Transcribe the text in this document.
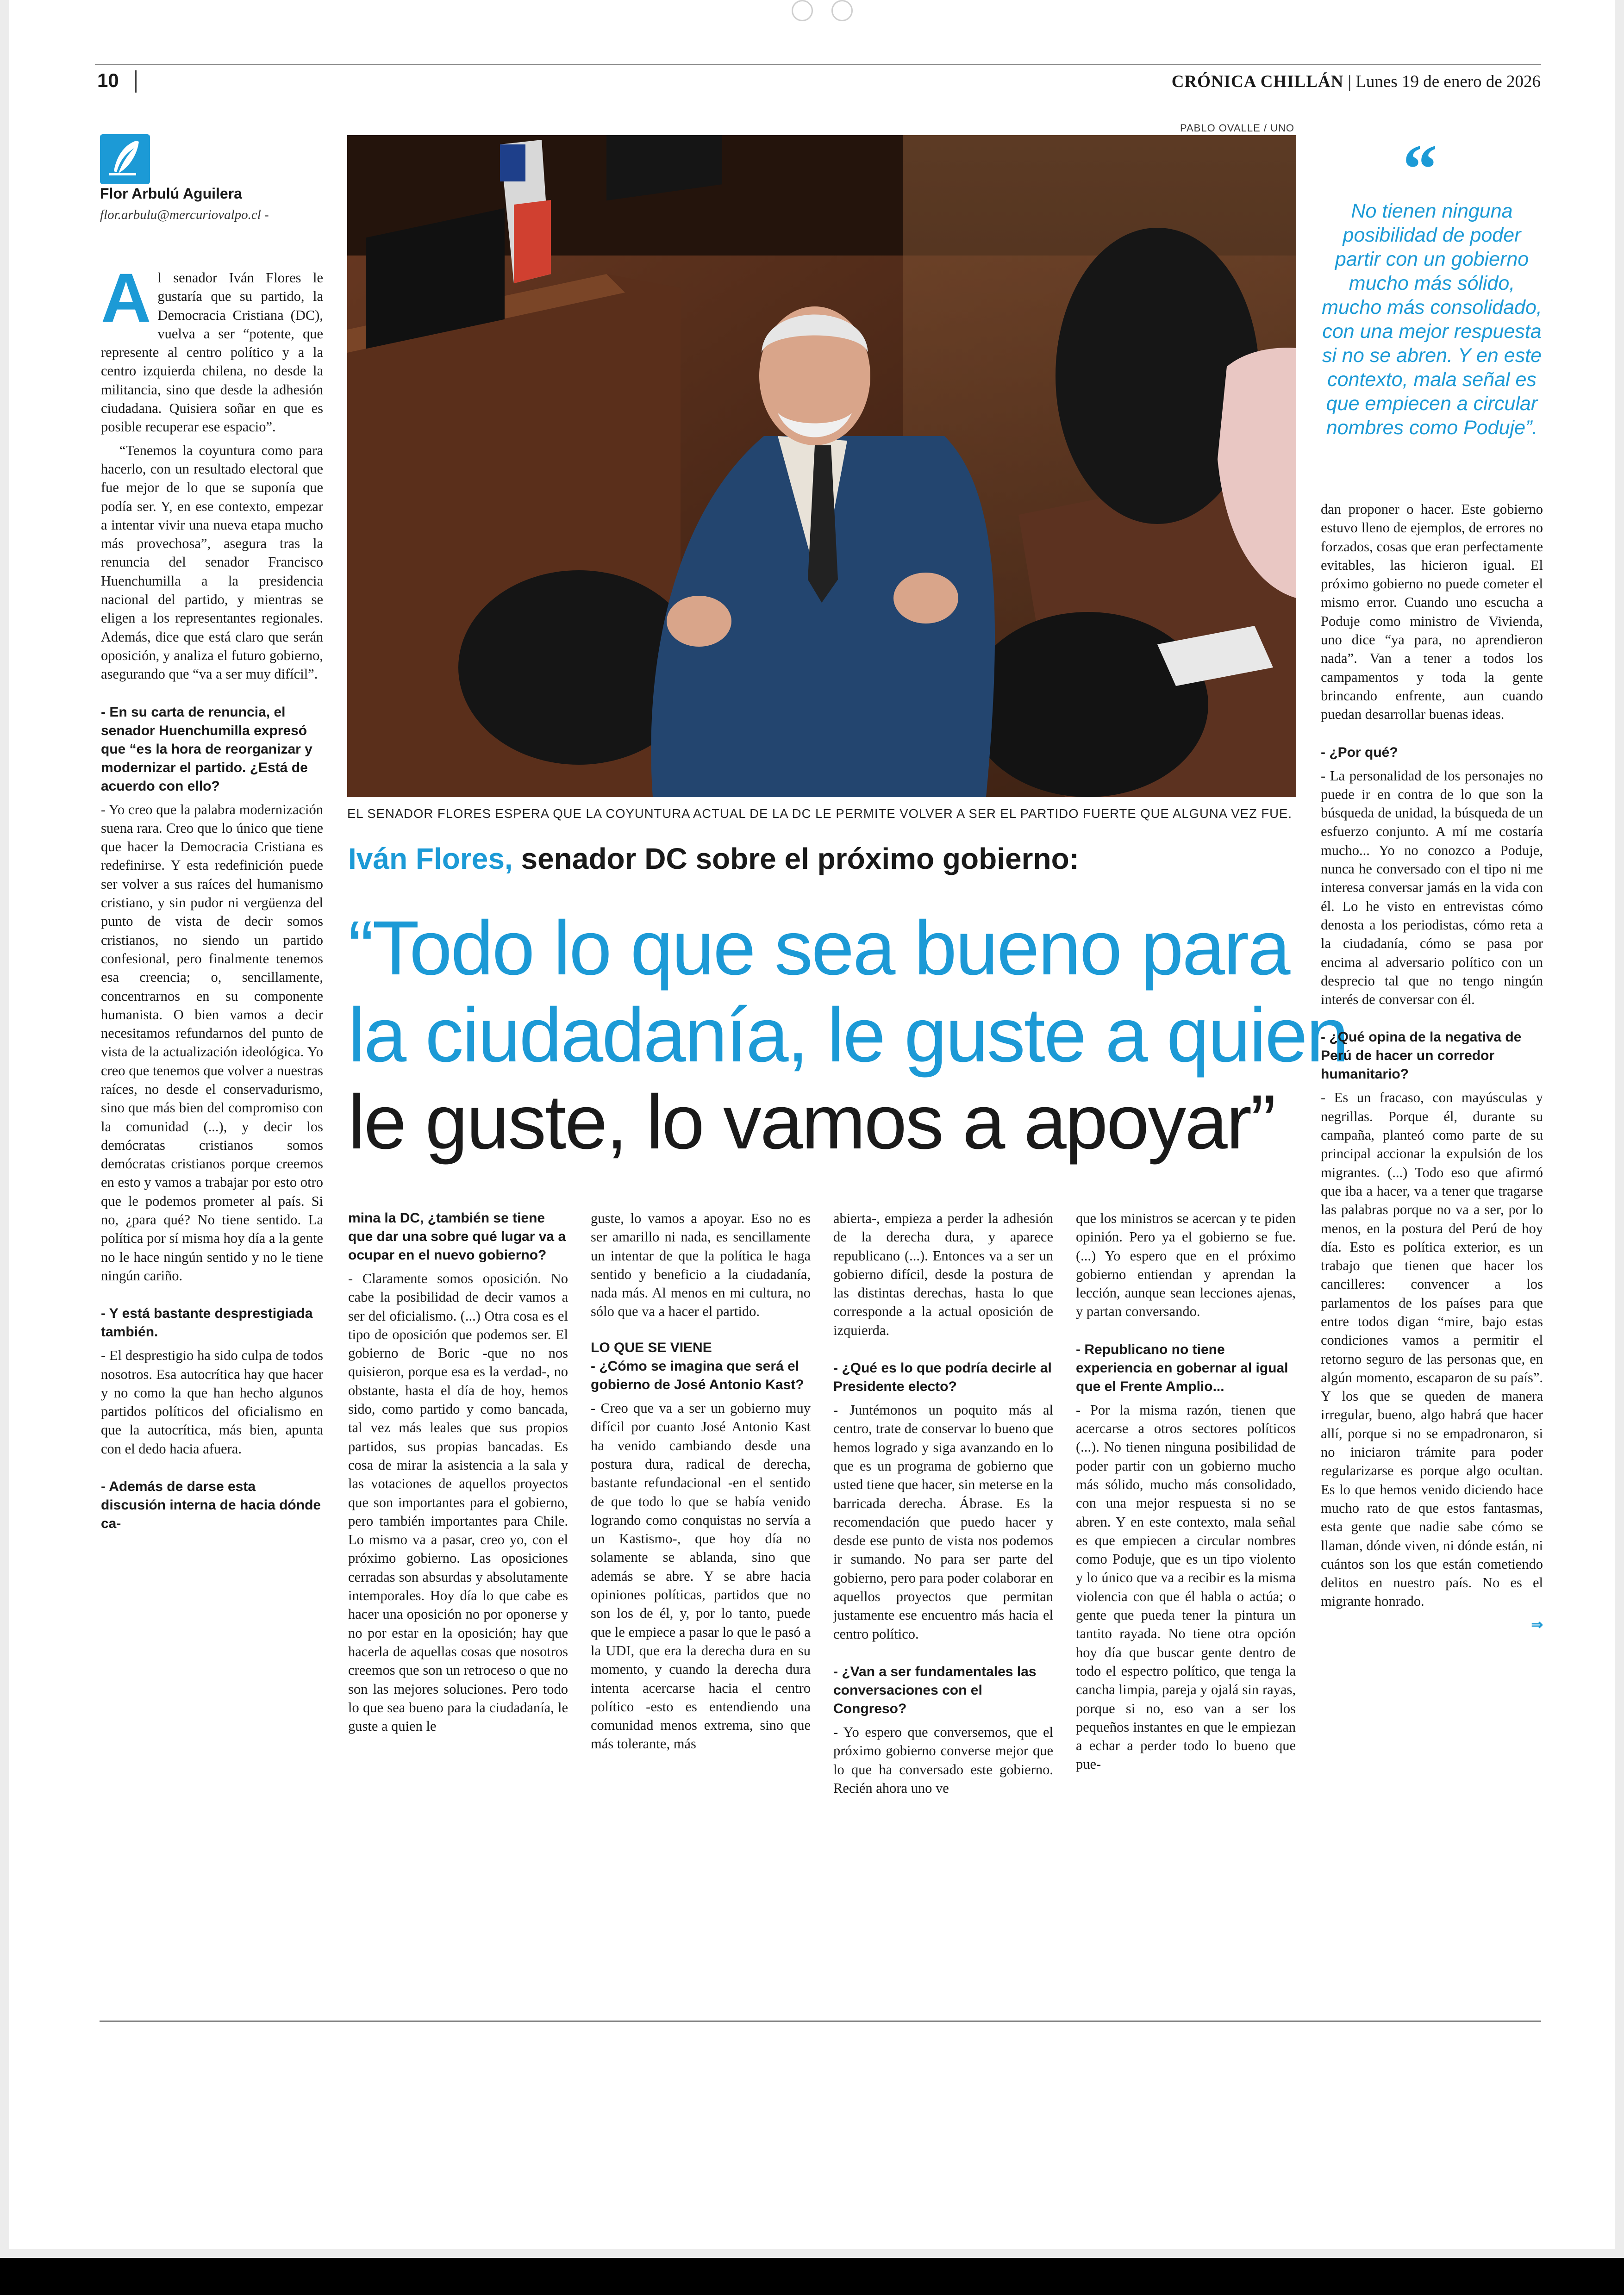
10	CRÓNICA CHILLÁN | Lunes 19 de enero de 2026
Flor Arbulú Aguilera
flor.arbulu@mercuriovalpo.cl -
PABLO OVALLE / UNO
EL SENADOR FLORES ESPERA QUE LA COYUNTURA ACTUAL DE LA DC LE PERMITE VOLVER A SER EL PARTIDO FUERTE QUE ALGUNA VEZ FUE.
Iván Flores, senador DC sobre el próximo gobierno:
“Todo lo que sea bueno para
la ciudadanía, le guste a quien
le guste, lo vamos a apoyar”
“
No tienen ninguna posibilidad de poder partir con un gobierno mucho más sólido, mucho más consolidado, con una mejor respuesta si no se abren. Y en este contexto, mala señal es que empiecen a circular nombres como Poduje”.

Al senador Iván Flores le gustaría que su partido, la Democracia Cristiana (DC), vuelva a ser “potente, que represente al centro político y a la centro izquierda chilena, no desde la militancia, sino que desde la adhesión ciudadana. Quisiera soñar en que es posible recuperar ese espacio”.

“Tenemos la coyuntura como para hacerlo, con un resultado electoral que fue mejor de lo que se suponía que podía ser. Y, en ese contexto, empezar a intentar vivir una nueva etapa mucho más provechosa”, asegura tras la renuncia del senador Francisco Huenchumilla a la presidencia nacional del partido, y mientras se eligen a los representantes regionales. Además, dice que está claro que serán oposición, y analiza el futuro gobierno, asegurando que “va a ser muy difícil”.

- En su carta de renuncia, el senador Huenchumilla expresó que “es la hora de reorganizar y modernizar el partido. ¿Está de acuerdo con ello?

- Yo creo que la palabra modernización suena rara. Creo que lo único que tiene que hacer la Democracia Cristiana es redefinirse. Y esta redefinición puede ser volver a sus raíces del humanismo cristiano, y sin pudor ni vergüenza del punto de vista de decir somos cristianos, no siendo un partido confesional, pero finalmente tenemos esa creencia; o, sencillamente, concentrarnos en su componente humanista. O bien vamos a decir necesitamos refundarnos del punto de vista de la actualización ideológica. Yo creo que tenemos que volver a nuestras raíces, no desde el conservadurismo, sino que más bien del compromiso con la comunidad (...), y decir los demócratas cristianos somos demócratas cristianos porque creemos en esto y vamos a trabajar por esto otro que le podemos prometer al país. Si no, ¿para qué? No tiene sentido. La política por sí misma hoy día a la gente no le hace ningún sentido y no le tiene ningún cariño.

- Y está bastante desprestigiada también.

- El desprestigio ha sido culpa de todos nosotros. Esa autocrítica hay que hacer y no como la que han hecho algunos partidos políticos del oficialismo en que la autocrítica, más bien, apunta con el dedo hacia afuera.

- Además de darse esta discusión interna de hacia dónde ca-

mina la DC, ¿también se tiene que dar una sobre qué lugar va a ocupar en el nuevo gobierno?

- Claramente somos oposición. No cabe la posibilidad de decir vamos a ser del oficialismo. (...) Otra cosa es el tipo de oposición que podemos ser. El gobierno de Boric -que no nos quisieron, porque esa es la verdad-, no obstante, hasta el día de hoy, hemos sido, como partido y como bancada, tal vez más leales que sus propios partidos, sus propias bancadas. Es cosa de mirar la asistencia a la sala y las votaciones de aquellos proyectos que son importantes para el gobierno, pero también importantes para Chile. Lo mismo va a pasar, creo yo, con el próximo gobierno. Las oposiciones cerradas son absurdas y absolutamente intemporales. Hoy día lo que cabe es hacer una oposición no por oponerse y no por estar en la oposición; hay que hacerla de aquellas cosas que nosotros creemos que son un retroceso o que no son las mejores soluciones. Pero todo lo que sea bueno para la ciudadanía, le guste a quien le

guste, lo vamos a apoyar. Eso no es ser amarillo ni nada, es sencillamente un intentar de que la política le haga sentido y beneficio a la ciudadanía, nada más. Al menos en mi cultura, no sólo que va a hacer el partido.

LO QUE SE VIENE

- ¿Cómo se imagina que será el gobierno de José Antonio Kast?

- Creo que va a ser un gobierno muy difícil por cuanto José Antonio Kast ha venido cambiando desde una postura dura, radical de derecha, bastante refundacional -en el sentido de que todo lo que se había venido logrando como conquistas no servía a un Kastismo-, que hoy día no solamente se ablanda, sino que además se abre. Y se abre hacia opiniones políticas, partidos que no son los de él, y, por lo tanto, puede que le empiece a pasar lo que le pasó a la UDI, que era la derecha dura en su momento, y cuando la derecha dura intenta acercarse hacia el centro político -esto es entendiendo una comunidad menos extrema, sino que más tolerante, más

abierta-, empieza a perder la adhesión de la derecha dura, y aparece republicano (...). Entonces va a ser un gobierno difícil, desde la postura de las distintas derechas, hasta lo que corresponde a la actual oposición de izquierda.

- ¿Qué es lo que podría decirle al Presidente electo?

- Juntémonos un poquito más al centro, trate de conservar lo bueno que hemos logrado y siga avanzando en lo que es un programa de gobierno que usted tiene que hacer, sin meterse en la barricada derecha. Ábrase. Es la recomendación que puedo hacer y desde ese punto de vista nos podemos ir sumando. No para ser parte del gobierno, pero para poder colaborar en aquellos proyectos que permitan justamente ese encuentro más hacia el centro político.

- ¿Van a ser fundamentales las conversaciones con el Congreso?

- Yo espero que conversemos, que el próximo gobierno converse mejor que lo que ha conversado este gobierno. Recién ahora uno ve

que los ministros se acercan y te piden opinión. Pero ya el gobierno se fue. (...) Yo espero que en el próximo gobierno entiendan y aprendan la lección, aunque sean lecciones ajenas, y partan conversando.

- Republicano no tiene experiencia en gobernar al igual que el Frente Amplio...

- Por la misma razón, tienen que acercarse a otros sectores políticos (...). No tienen ninguna posibilidad de poder partir con un gobierno mucho más sólido, mucho más consolidado, con una mejor respuesta si no se abren. Y en este contexto, mala señal es que empiecen a circular nombres como Poduje, que es un tipo violento y lo único que va a recibir es la misma violencia con que él habla o actúa; o gente que pueda tener la pintura un tantito rayada. No tiene otra opción hoy día que buscar gente dentro de todo el espectro político, que tenga la cancha limpia, pareja y ojalá sin rayas, porque si no, eso van a ser los pequeños instantes en que le empiezan a echar a perder todo lo bueno que pue-

dan proponer o hacer. Este gobierno estuvo lleno de ejemplos, de errores no forzados, cosas que eran perfectamente evitables, las hicieron igual. El próximo gobierno no puede cometer el mismo error. Cuando uno escucha a Poduje como ministro de Vivienda, uno dice “ya para, no aprendieron nada”. Van a tener a todos los campamentos y toda la gente brincando enfrente, aun cuando puedan desarrollar buenas ideas.

- ¿Por qué?

- La personalidad de los personajes no puede ir en contra de lo que son la búsqueda de unidad, la búsqueda de un esfuerzo conjunto. A mí me costaría mucho... Yo no conozco a Poduje, nunca he conversado con el tipo ni me interesa conversar jamás en la vida con él. Lo he visto en entrevistas cómo denosta a los periodistas, cómo reta a la ciudadanía, cómo se pasa por encima al adversario político con un desprecio tal que no tengo ningún interés de conversar con él.

- ¿Qué opina de la negativa de Perú de hacer un corredor humanitario?

- Es un fracaso, con mayúsculas y negrillas. Porque él, durante su campaña, planteó como parte de su principal accionar la expulsión de los migrantes. (...) Todo eso que afirmó que iba a hacer, va a tener que tragarse las palabras porque no va a ser, por lo menos, en la postura del Perú de hoy día. Esto es política exterior, es un trabajo que tienen que hacer los cancilleres: convencer a los parlamentos de los países para que entre todos digan “mire, bajo estas condiciones vamos a permitir el retorno seguro de las personas que, en algún momento, escaparon de su país”. Y los que se queden de manera irregular, bueno, algo habrá que hacer allí, porque si no se empadronaron, si no iniciaron trámite para poder regularizarse es porque algo ocultan. Es lo que hemos venido diciendo hace mucho rato de que estos fantasmas, esta gente que nadie sabe cómo se llaman, dónde viven, ni dónde están, ni cuántos son los que están cometiendo delitos en nuestro país. No es el migrante honrado.

⇒
